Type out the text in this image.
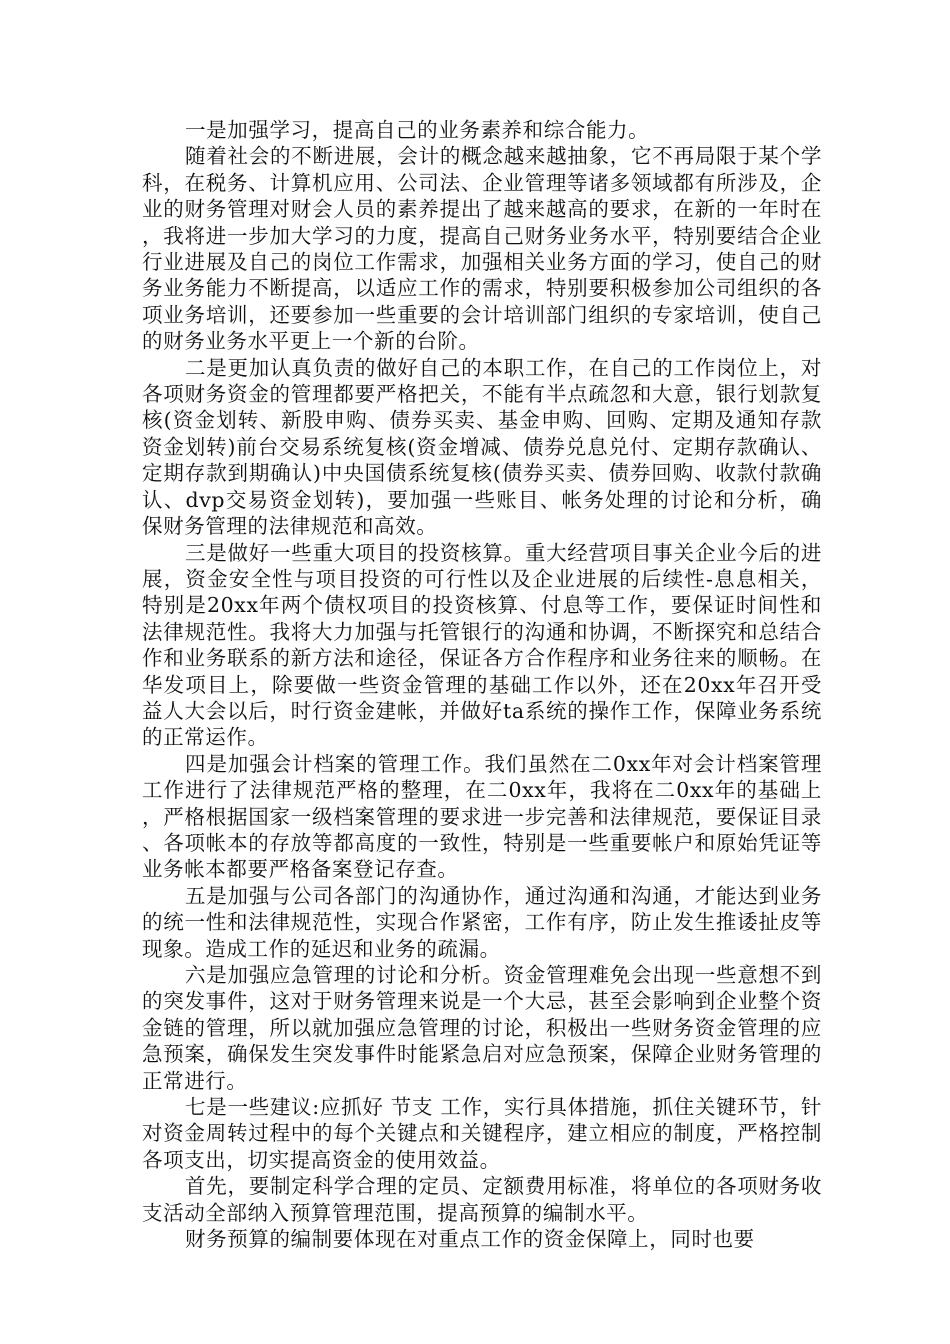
一是加强学习，提高自己的业务素养和综合能力。

随着社会的不断进展，会计的概念越来越抽象，它不再局限于某个学科，在税务、计算机应用、公司法、企业管理等诸多领域都有所涉及，企业的财务管理对财会人员的素养提出了越来越高的要求，在新的一年时在，我将进一步加大学习的力度，提高自己财务业务水平，特别要结合企业行业进展及自己的岗位工作需求，加强相关业务方面的学习，使自己的财务业务能力不断提高，以适应工作的需求，特别要积极参加公司组织的各项业务培训，还要参加一些重要的会计培训部门组织的专家培训，使自己的财务业务水平更上一个新的台阶。

二是更加认真负责的做好自己的本职工作，在自己的工作岗位上，对各项财务资金的管理都要严格把关，不能有半点疏忽和大意，银行划款复核(资金划转、新股申购、债券买卖、基金申购、回购、定期及通知存款资金划转)前台交易系统复核(资金增减、债券兑息兑付、定期存款确认、定期存款到期确认)中央国债系统复核(债券买卖、债券回购、收款付款确认、dvp交易资金划转)，要加强一些账目、帐务处理的讨论和分析，确保财务管理的法律规范和高效。

三是做好一些重大项目的投资核算。重大经营项目事关企业今后的进展，资金安全性与项目投资的可行性以及企业进展的后续性-息息相关，特别是20xx年两个债权项目的投资核算、付息等工作，要保证时间性和法律规范性。我将大力加强与托管银行的沟通和协调，不断探究和总结合作和业务联系的新方法和途径，保证各方合作程序和业务往来的顺畅。在华发项目上，除要做一些资金管理的基础工作以外，还在20xx年召开受益人大会以后，时行资金建帐，并做好ta系统的操作工作，保障业务系统的正常运作。

四是加强会计档案的管理工作。我们虽然在二0xx年对会计档案管理工作进行了法律规范严格的整理，在二0xx年，我将在二0xx年的基础上，严格根据国家一级档案管理的要求进一步完善和法律规范，要保证目录、各项帐本的存放等都高度的一致性，特别是一些重要帐户和原始凭证等业务帐本都要严格备案登记存查。

五是加强与公司各部门的沟通协作，通过沟通和沟通，才能达到业务的统一性和法律规范性，实现合作紧密，工作有序，防止发生推诿扯皮等现象。造成工作的延迟和业务的疏漏。

六是加强应急管理的讨论和分析。资金管理难免会出现一些意想不到的突发事件，这对于财务管理来说是一个大忌，甚至会影响到企业整个资金链的管理，所以就加强应急管理的讨论，积极出一些财务资金管理的应急预案，确保发生突发事件时能紧急启对应急预案，保障企业财务管理的正常进行。

七是一些建议:应抓好 节支 工作，实行具体措施，抓住关键环节，针对资金周转过程中的每个关键点和关键程序，建立相应的制度，严格控制各项支出，切实提高资金的使用效益。

首先，要制定科学合理的定员、定额费用标准，将单位的各项财务收支活动全部纳入预算管理范围，提高预算的编制水平。

财务预算的编制要体现在对重点工作的资金保障上，同时也要
